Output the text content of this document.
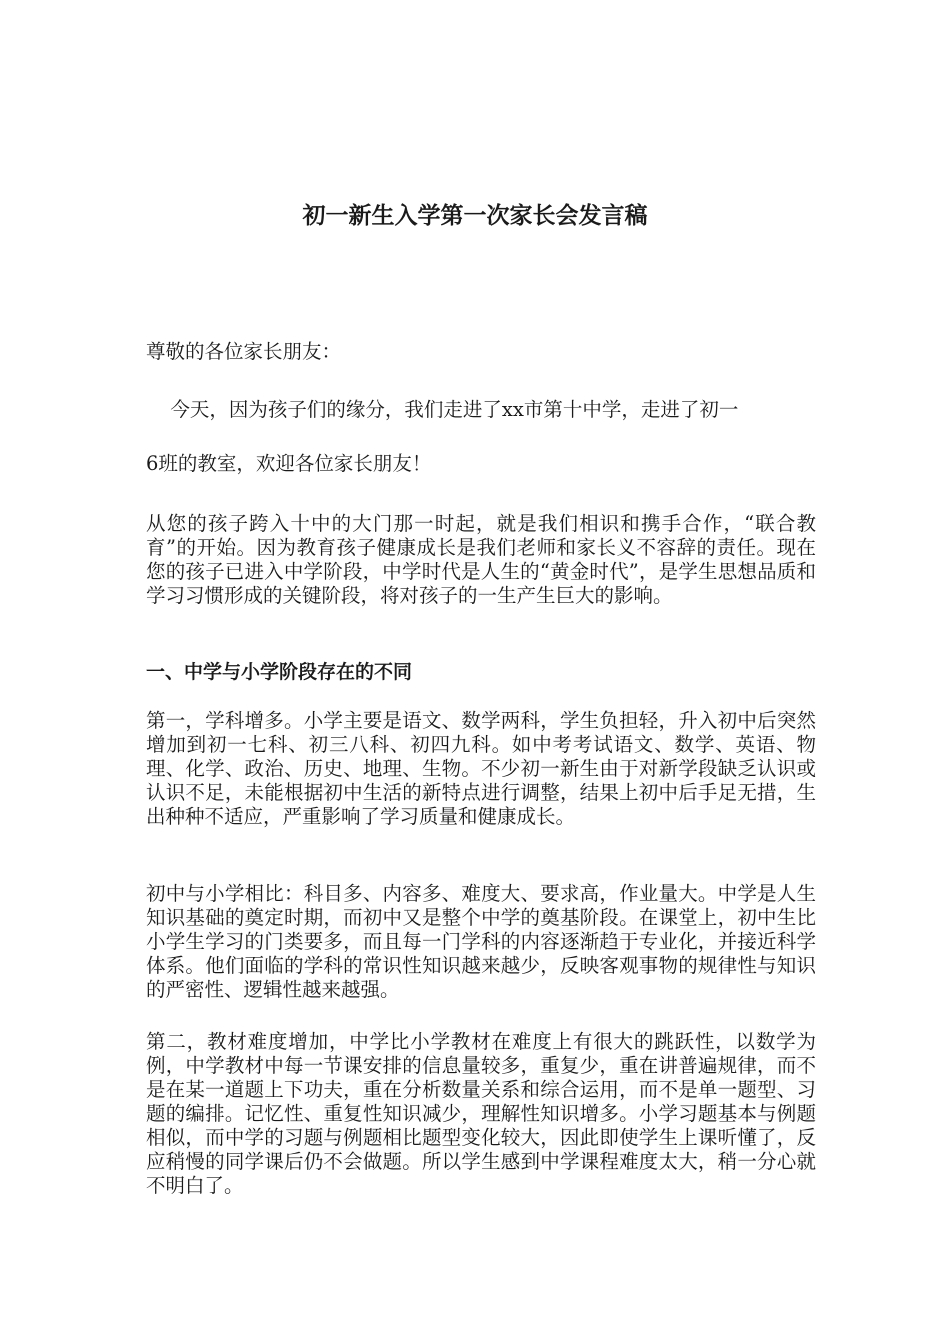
初一新生入学第一次家长会发言稿

尊敬的各位家长朋友：

今天，因为孩子们的缘分，我们走进了xx市第十中学，走进了初一

6班的教室，欢迎各位家长朋友！

从您的孩子跨入十中的大门那一时起，就是我们相识和携手合作，“联合教育”的开始。因为教育孩子健康成长是我们老师和家长义不容辞的责任。现在您的孩子已进入中学阶段，中学时代是人生的“黄金时代”，是学生思想品质和学习习惯形成的关键阶段，将对孩子的一生产生巨大的影响。

一、中学与小学阶段存在的不同

第一，学科增多。小学主要是语文、数学两科，学生负担轻，升入初中后突然增加到初一七科、初三八科、初四九科。如中考考试语文、数学、英语、物理、化学、政治、历史、地理、生物。不少初一新生由于对新学段缺乏认识或认识不足，未能根据初中生活的新特点进行调整，结果上初中后手足无措，生出种种不适应，严重影响了学习质量和健康成长。

初中与小学相比：科目多、内容多、难度大、要求高，作业量大。中学是人生知识基础的奠定时期，而初中又是整个中学的奠基阶段。在课堂上，初中生比小学生学习的门类要多，而且每一门学科的内容逐渐趋于专业化，并接近科学体系。他们面临的学科的常识性知识越来越少，反映客观事物的规律性与知识的严密性、逻辑性越来越强。

第二，教材难度增加，中学比小学教材在难度上有很大的跳跃性，以数学为例，中学教材中每一节课安排的信息量较多，重复少，重在讲普遍规律，而不是在某一道题上下功夫，重在分析数量关系和综合运用，而不是单一题型、习题的编排。记忆性、重复性知识减少，理解性知识增多。小学习题基本与例题相似，而中学的习题与例题相比题型变化较大，因此即使学生上课听懂了，反应稍慢的同学课后仍不会做题。所以学生感到中学课程难度太大，稍一分心就不明白了。
